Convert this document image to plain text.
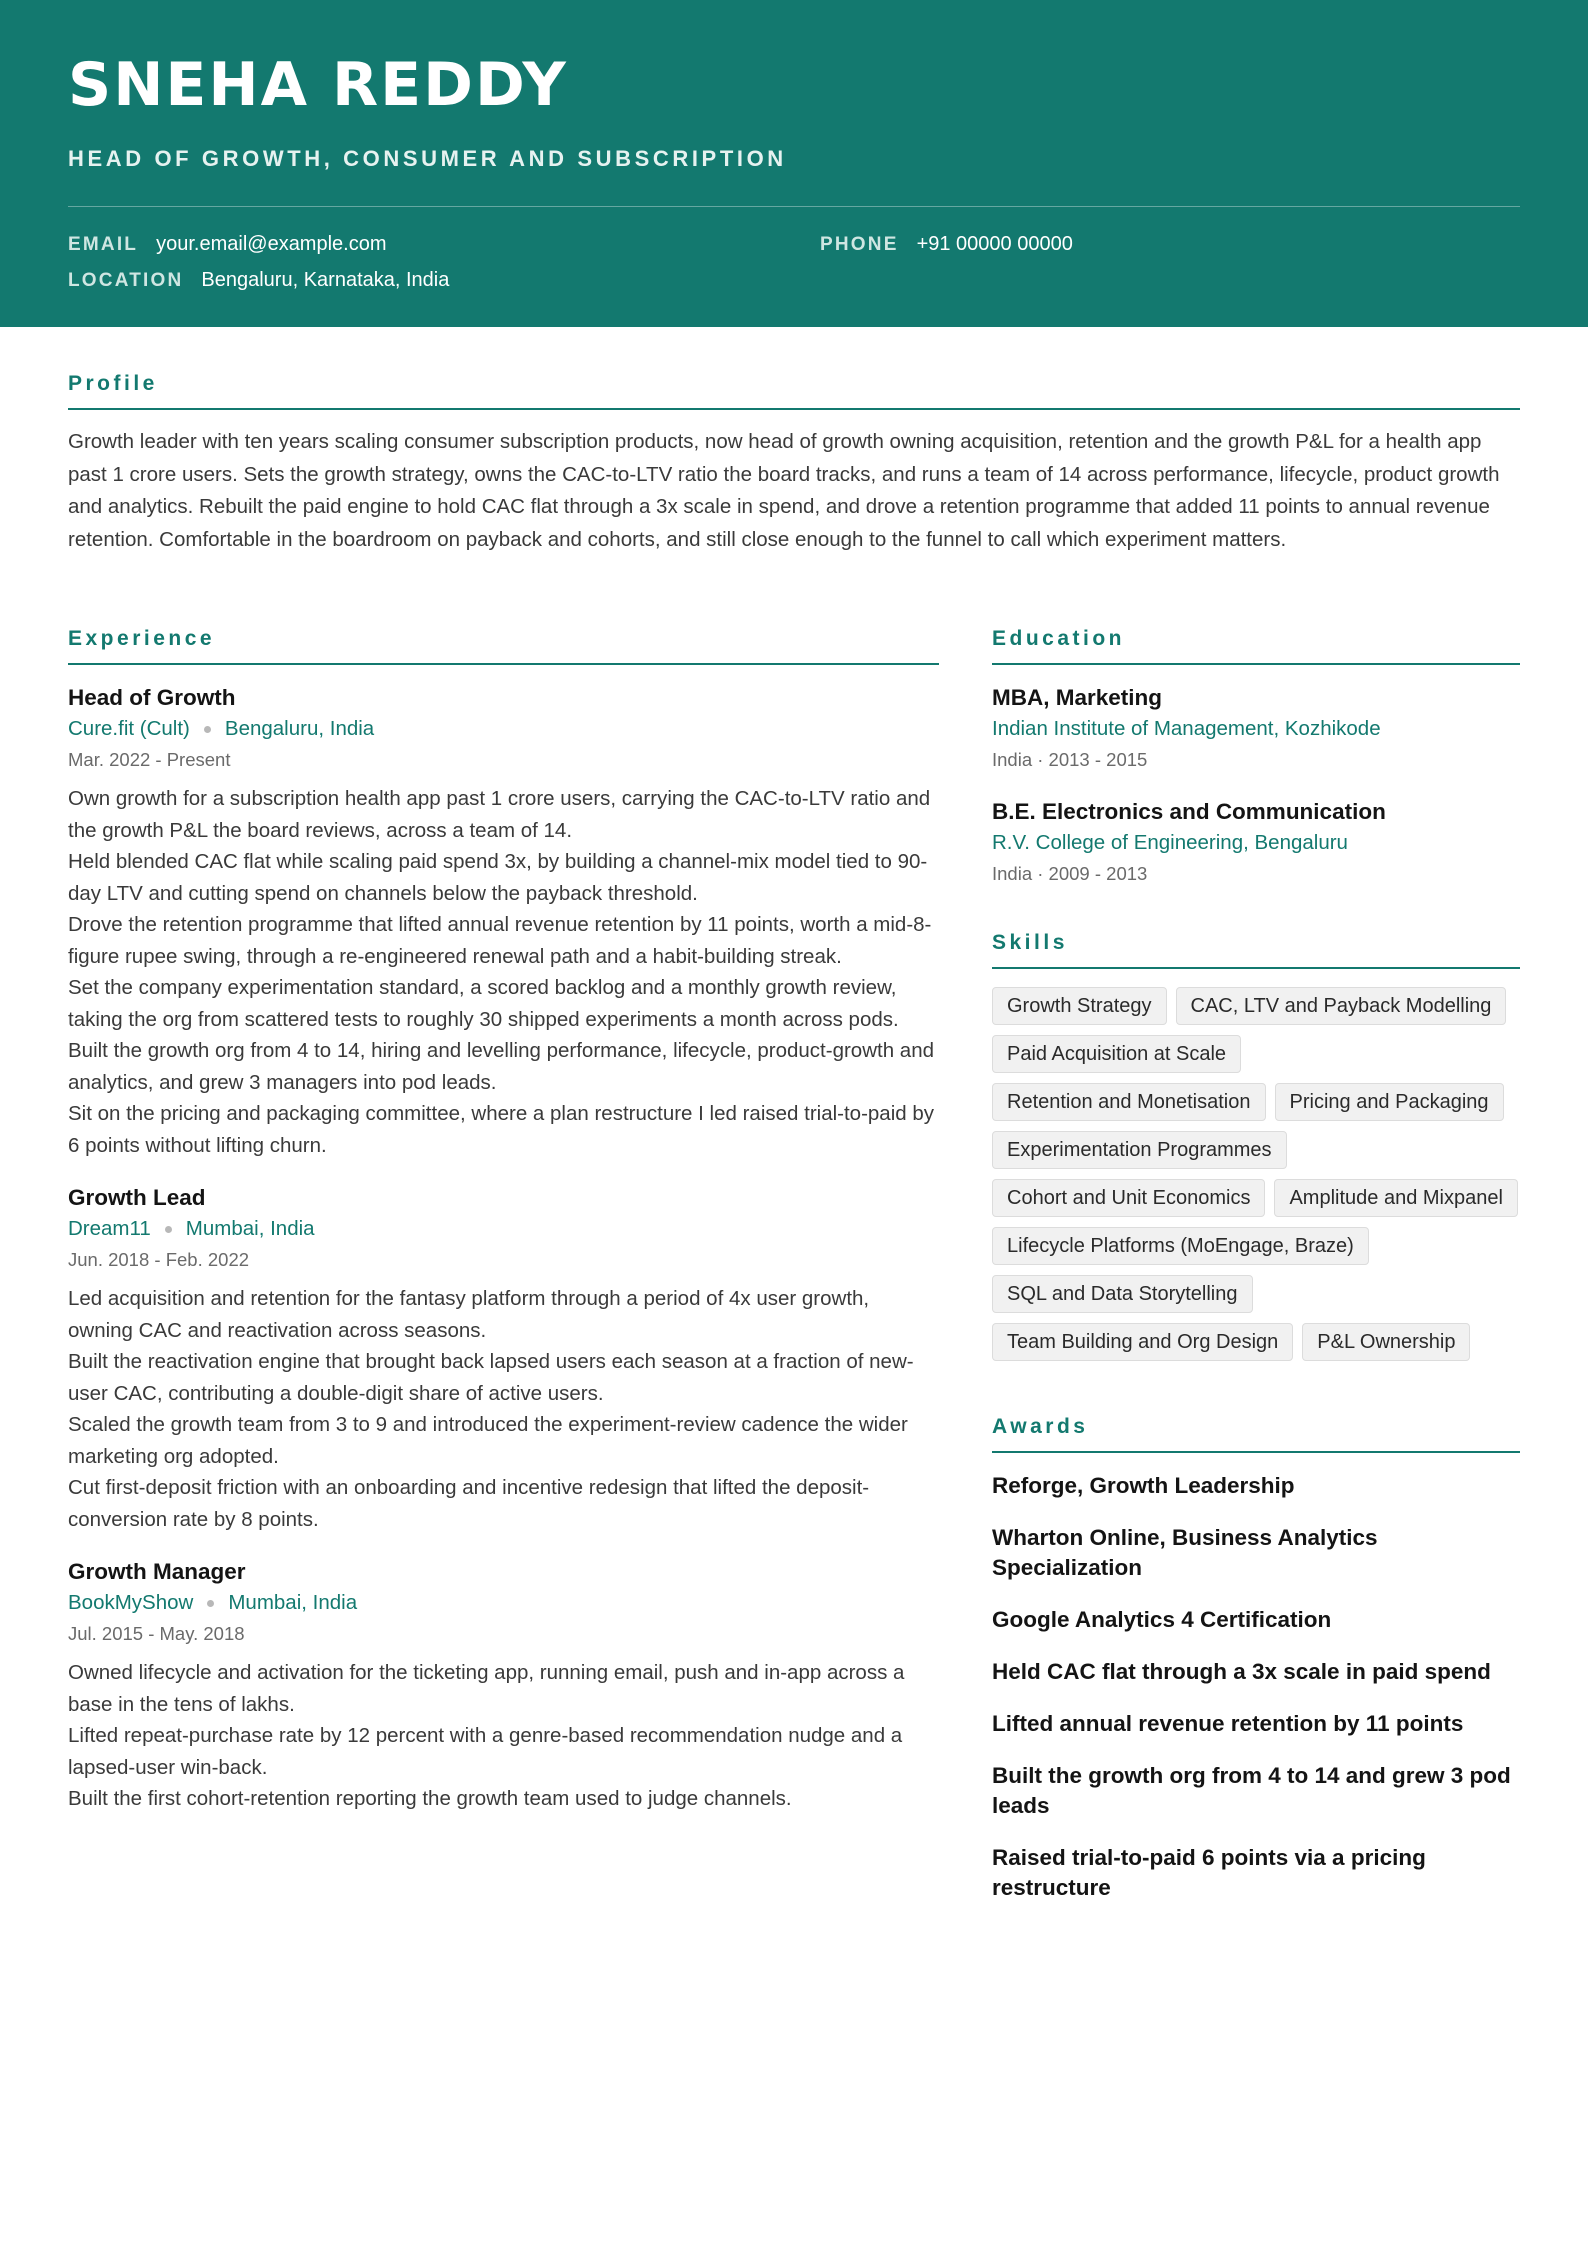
SNEHA REDDY
HEAD OF GROWTH, CONSUMER AND SUBSCRIPTION
EMAIL your.email@example.com	PHONE +91 00000 00000
LOCATION Bengaluru, Karnataka, India
Profile

Growth leader with ten years scaling consumer subscription products, now head of growth owning acquisition, retention and the growth P&L for a health app past 1 crore users. Sets the growth strategy, owns the CAC-to-LTV ratio the board tracks, and runs a team of 14 across performance, lifecycle, product growth and analytics. Rebuilt the paid engine to hold CAC flat through a 3x scale in spend, and drove a retention programme that added 11 points to annual revenue retention. Comfortable in the boardroom on payback and cohorts, and still close enough to the funnel to call which experiment matters.

Experience
Head of Growth
Cure.fit (Cult) Bengaluru, India
Mar. 2022 - Present
Own growth for a subscription health app past 1 crore users, carrying the CAC-to-LTV ratio and the growth P&L the board reviews, across a team of 14.
Held blended CAC flat while scaling paid spend 3x, by building a channel-mix model tied to 90-day LTV and cutting spend on channels below the payback threshold.
Drove the retention programme that lifted annual revenue retention by 11 points, worth a mid-8-figure rupee swing, through a re-engineered renewal path and a habit-building streak.
Set the company experimentation standard, a scored backlog and a monthly growth review, taking the org from scattered tests to roughly 30 shipped experiments a month across pods.
Built the growth org from 4 to 14, hiring and levelling performance, lifecycle, product-growth and analytics, and grew 3 managers into pod leads.
Sit on the pricing and packaging committee, where a plan restructure I led raised trial-to-paid by 6 points without lifting churn.
Growth Lead
Dream11 Mumbai, India
Jun. 2018 - Feb. 2022
Led acquisition and retention for the fantasy platform through a period of 4x user growth, owning CAC and reactivation across seasons.
Built the reactivation engine that brought back lapsed users each season at a fraction of new-user CAC, contributing a double-digit share of active users.
Scaled the growth team from 3 to 9 and introduced the experiment-review cadence the wider marketing org adopted.
Cut first-deposit friction with an onboarding and incentive redesign that lifted the deposit-conversion rate by 8 points.
Growth Manager
BookMyShow Mumbai, India
Jul. 2015 - May. 2018
Owned lifecycle and activation for the ticketing app, running email, push and in-app across a base in the tens of lakhs.
Lifted repeat-purchase rate by 12 percent with a genre-based recommendation nudge and a lapsed-user win-back.
Built the first cohort-retention reporting the growth team used to judge channels.
Education
MBA, Marketing
Indian Institute of Management, Kozhikode
India · 2013 - 2015
B.E. Electronics and Communication
R.V. College of Engineering, Bengaluru
India · 2009 - 2013
Skills
Growth Strategy	CAC, LTV and Payback Modelling
Paid Acquisition at Scale
Retention and Monetisation	Pricing and Packaging
Experimentation Programmes
Cohort and Unit Economics	Amplitude and Mixpanel
Lifecycle Platforms (MoEngage, Braze)
SQL and Data Storytelling
Team Building and Org Design	P&L Ownership
Awards
Reforge, Growth Leadership
Wharton Online, Business Analytics Specialization
Google Analytics 4 Certification
Held CAC flat through a 3x scale in paid spend
Lifted annual revenue retention by 11 points
Built the growth org from 4 to 14 and grew 3 pod leads
Raised trial-to-paid 6 points via a pricing restructure
